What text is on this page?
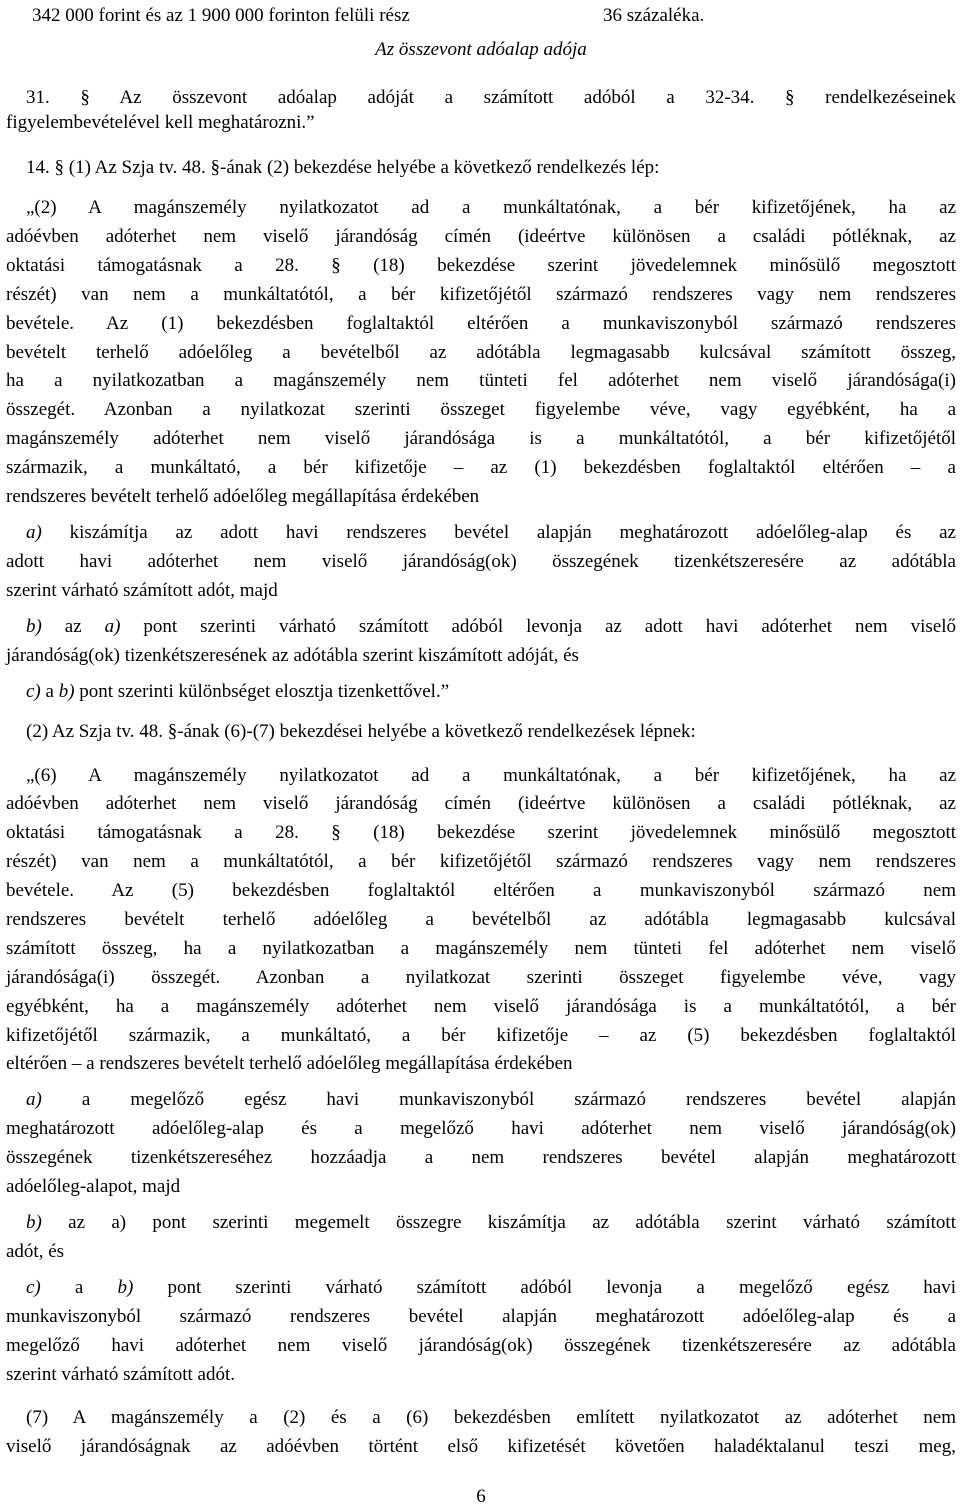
342 000 forint és az 1 900 000 forinton felüli rész	36 százaléka.
Az összevont adóalap adója
31. § Az összevont adóalap adóját a számított adóból a 32-34. § rendelkezéseinek
figyelembevételével kell meghatározni.”
14. § (1) Az Szja tv. 48. §-ának (2) bekezdése helyébe a következő rendelkezés lép:
„(2) A magánszemély nyilatkozatot ad a munkáltatónak, a bér kifizetőjének, ha az
adóévben adóterhet nem viselő járandóság címén (ideértve különösen a családi pótléknak, az
oktatási támogatásnak a 28. § (18) bekezdése szerint jövedelemnek minősülő megosztott
részét) van nem a munkáltatótól, a bér kifizetőjétől származó rendszeres vagy nem rendszeres
bevétele. Az (1) bekezdésben foglaltaktól eltérően a munkaviszonyból származó rendszeres
bevételt terhelő adóelőleg a bevételből az adótábla legmagasabb kulcsával számított összeg,
ha a nyilatkozatban a magánszemély nem tünteti fel adóterhet nem viselő járandósága(i)
összegét. Azonban a nyilatkozat szerinti összeget figyelembe véve, vagy egyébként, ha a
magánszemély adóterhet nem viselő járandósága is a munkáltatótól, a bér kifizetőjétől
származik, a munkáltató, a bér kifizetője – az (1) bekezdésben foglaltaktól eltérően – a
rendszeres bevételt terhelő adóelőleg megállapítása érdekében
a) kiszámítja az adott havi rendszeres bevétel alapján meghatározott adóelőleg-alap és az
adott havi adóterhet nem viselő járandóság(ok) összegének tizenkétszeresére az adótábla
szerint várható számított adót, majd
b) az a) pont szerinti várható számított adóból levonja az adott havi adóterhet nem viselő
járandóság(ok) tizenkétszeresének az adótábla szerint kiszámított adóját, és
c) a b) pont szerinti különbséget elosztja tizenkettővel.”
(2) Az Szja tv. 48. §-ának (6)-(7) bekezdései helyébe a következő rendelkezések lépnek:
„(6) A magánszemély nyilatkozatot ad a munkáltatónak, a bér kifizetőjének, ha az
adóévben adóterhet nem viselő járandóság címén (ideértve különösen a családi pótléknak, az
oktatási támogatásnak a 28. § (18) bekezdése szerint jövedelemnek minősülő megosztott
részét) van nem a munkáltatótól, a bér kifizetőjétől származó rendszeres vagy nem rendszeres
bevétele. Az (5) bekezdésben foglaltaktól eltérően a munkaviszonyból származó nem
rendszeres bevételt terhelő adóelőleg a bevételből az adótábla legmagasabb kulcsával
számított összeg, ha a nyilatkozatban a magánszemély nem tünteti fel adóterhet nem viselő
járandósága(i) összegét. Azonban a nyilatkozat szerinti összeget figyelembe véve, vagy
egyébként, ha a magánszemély adóterhet nem viselő járandósága is a munkáltatótól, a bér
kifizetőjétől származik, a munkáltató, a bér kifizetője – az (5) bekezdésben foglaltaktól
eltérően – a rendszeres bevételt terhelő adóelőleg megállapítása érdekében
a) a megelőző egész havi munkaviszonyból származó rendszeres bevétel alapján
meghatározott adóelőleg-alap és a megelőző havi adóterhet nem viselő járandóság(ok)
összegének tizenkétszereséhez hozzáadja a nem rendszeres bevétel alapján meghatározott
adóelőleg-alapot, majd
b) az a) pont szerinti megemelt összegre kiszámítja az adótábla szerint várható számított
adót, és
c) a b) pont szerinti várható számított adóból levonja a megelőző egész havi
munkaviszonyból származó rendszeres bevétel alapján meghatározott adóelőleg-alap és a
megelőző havi adóterhet nem viselő járandóság(ok) összegének tizenkétszeresére az adótábla
szerint várható számított adót.
(7) A magánszemély a (2) és a (6) bekezdésben említett nyilatkozatot az adóterhet nem
viselő járandóságnak az adóévben történt első kifizetését követően haladéktalanul teszi meg,
6
